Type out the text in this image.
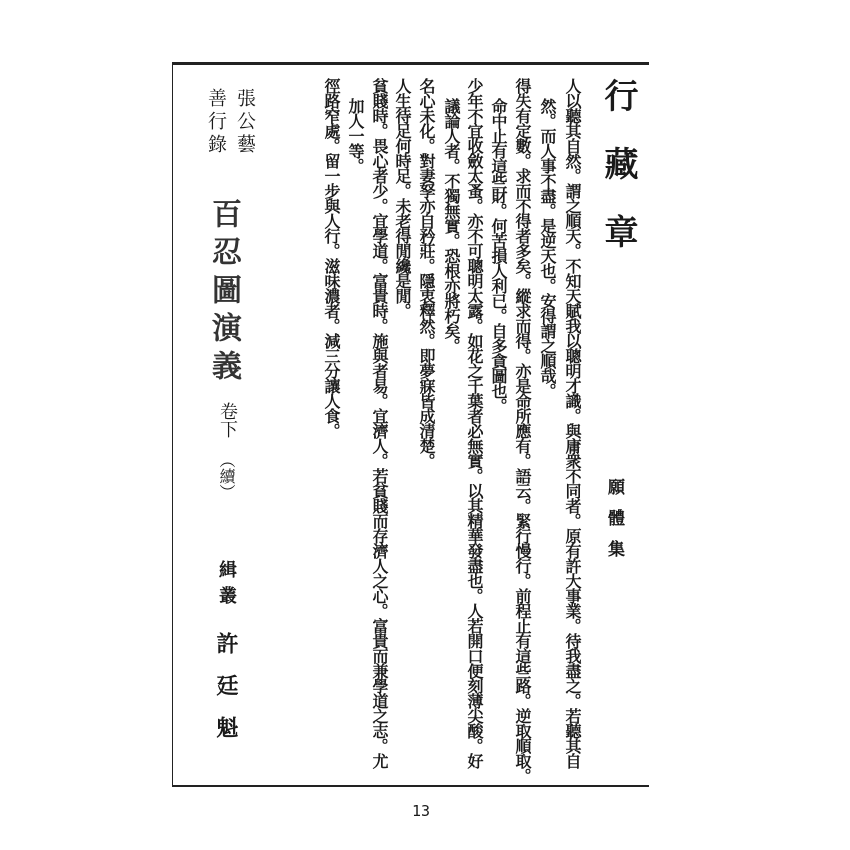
行藏章
願體集
人以聽其自然。謂之順天。不知天賦我以聰明才識。與庸衆不同者。原有許大事業。待我盡之。若聽其自
然。而人事不盡。是逆天也。安得謂之順哉。
得失有定數。求而不得者多矣。縱求而得。亦是命所應有。語云。緊行慢行。前程止有這些路。逆取順取。
命中止有這些財。何苦損人利已。自多貪圖也。
少年不宜收斂太蚤。亦不可聰明太露。如花之千葉者必無實。以其精華發盡也。人若開口便刻薄尖酸。好
議論人者。不獨無實。恐根亦將朽矣。
名心未化。對妻孥亦自矜莊。隱衷釋然。即夢寐皆成清楚。
人生待足何時足。未老得閒纔是閒。
貧賤時。畏心者少。宜學道。富貴時。施與者易。宜濟人。若貧賤而存濟人之心。富貴而兼學道之志。尤
加人一等。
徑路窄處。留一步與人行。滋味濃者。減三分讓人食。
張公藝
善行錄
百忍圖演義
卷下
（續）
緝叢
許廷魁
13
